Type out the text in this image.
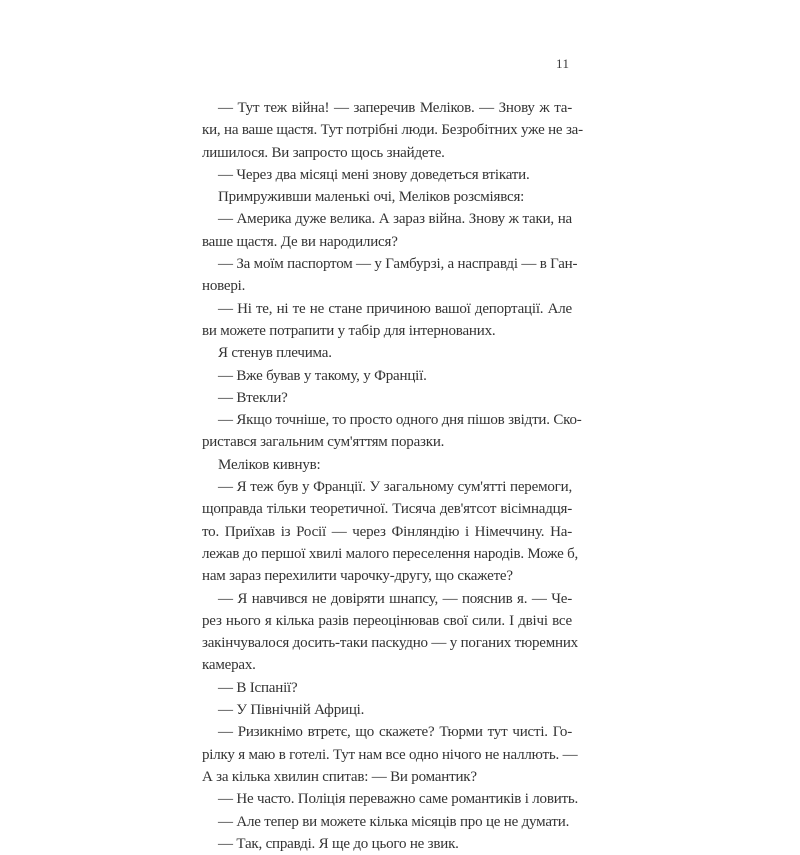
11
— Тут теж війна! — заперечив Меліков. — Знову ж та-
ки, на ваше щастя. Тут потрібні люди. Безробітних уже не за-
лишилося. Ви запросто щось знайдете.
— Через два місяці мені знову доведеться втікати.
Примруживши маленькі очі, Меліков розсміявся:
— Америка дуже велика. А зараз війна. Знову ж таки, на
ваше щастя. Де ви народилися?
— За моїм паспортом — у Гамбурзі, а насправді — в Ган-
новері.
— Ні те, ні те не стане причиною вашої депортації. Але
ви можете потрапити у табір для інтернованих.
Я стенув плечима.
— Вже бував у такому, у Франції.
— Втекли?
— Якщо точніше, то просто одного дня пішов звідти. Ско-
ристався загальним сум'яттям поразки.
Меліков кивнув:
— Я теж був у Франції. У загальному сум'ятті перемоги,
щоправда тільки теоретичної. Тисяча дев'ятсот вісімнадця-
то. Приїхав із Росії — через Фінляндію і Німеччину. На-
лежав до першої хвилі малого переселення народів. Може б,
нам зараз перехилити чарочку-другу, що скажете?
— Я навчився не довіряти шнапсу, — пояснив я. — Че-
рез нього я кілька разів переоцінював свої сили. І двічі все
закінчувалося досить-таки паскудно — у поганих тюремних
камерах.
— В Іспанії?
— У Північній Африці.
— Ризикнімо втретє, що скажете? Тюрми тут чисті. Го-
рілку я маю в готелі. Тут нам все одно нічого не наллють. —
А за кілька хвилин спитав: — Ви романтик?
— Не часто. Поліція переважно саме романтиків і ловить.
— Але тепер ви можете кілька місяців про це не думати.
— Так, справді. Я ще до цього не звик.
